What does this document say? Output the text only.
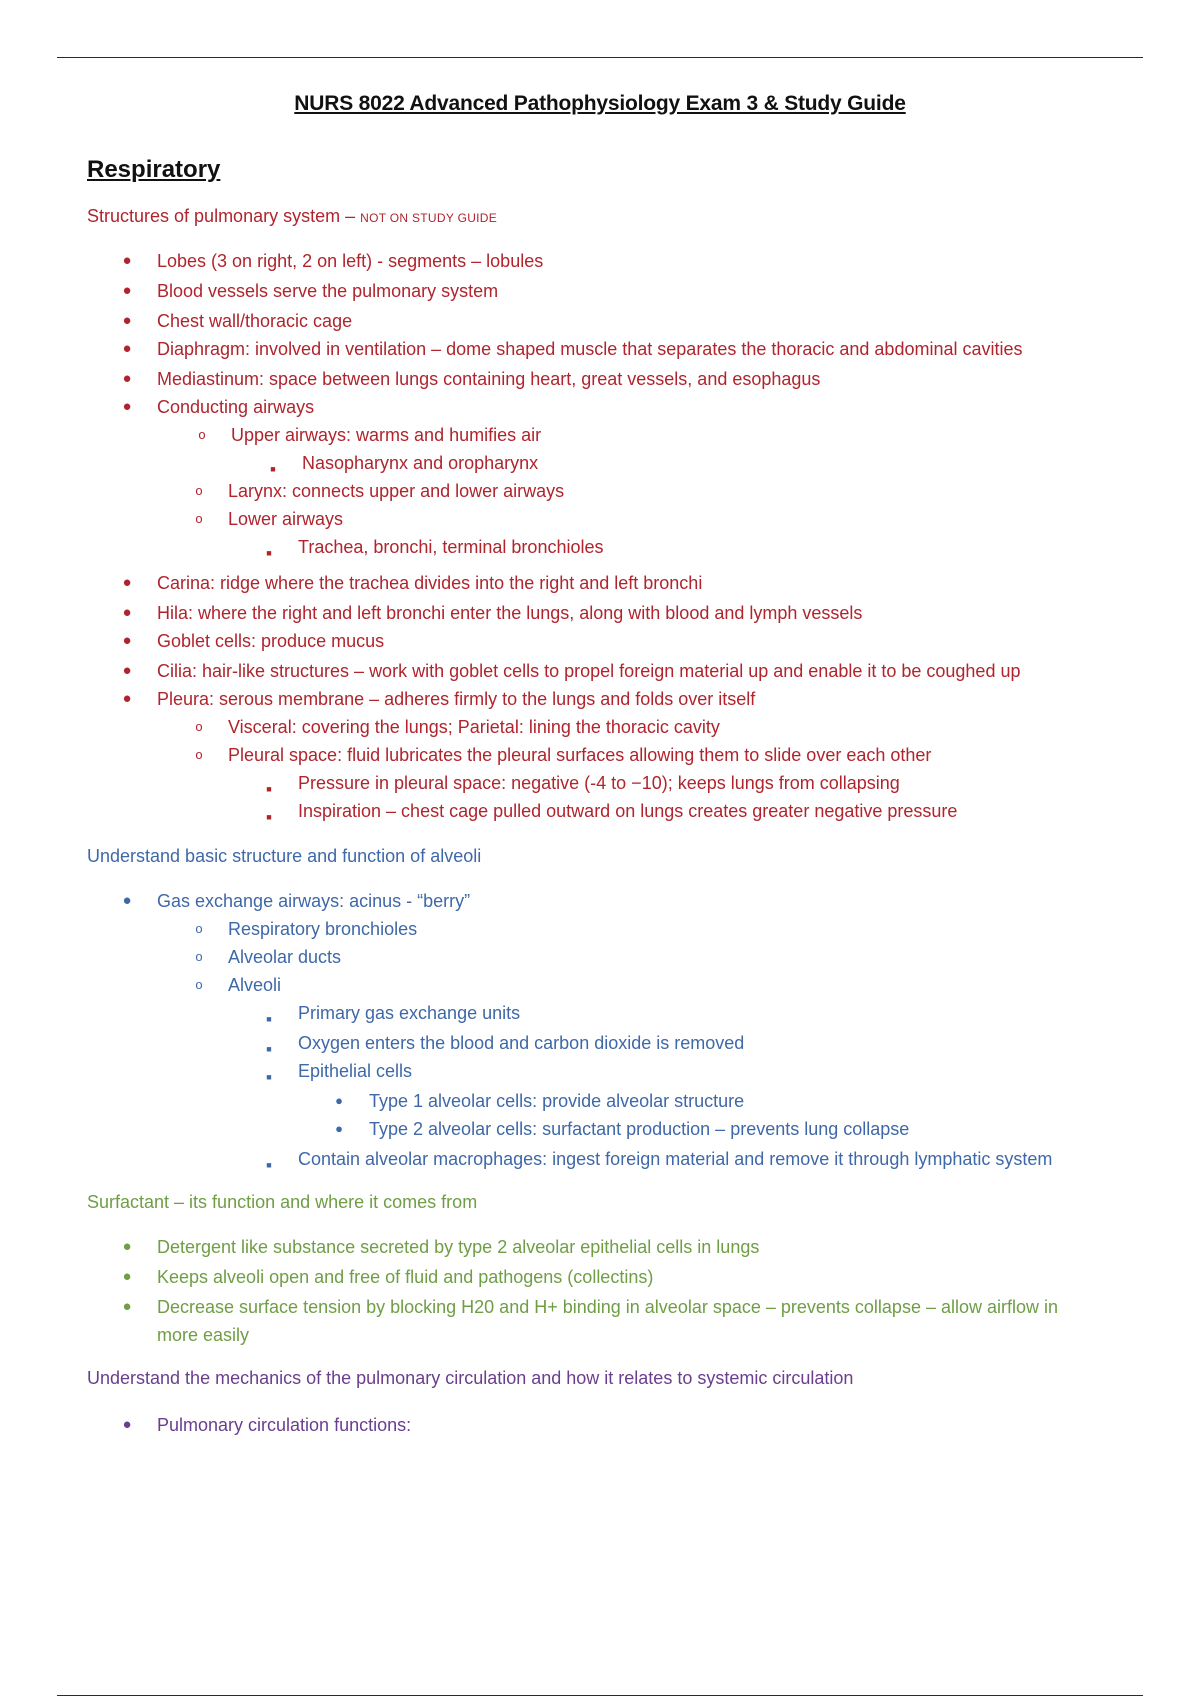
NURS 8022 Advanced Pathophysiology Exam 3 & Study Guide
Respiratory
Structures of pulmonary system – NOT ON STUDY GUIDE
● Lobes (3 on right, 2 on left) - segments – lobules
● Blood vessels serve the pulmonary system
● Chest wall/thoracic cage
● Diaphragm: involved in ventilation – dome shaped muscle that separates the thoracic and abdominal cavities
● Mediastinum: space between lungs containing heart, great vessels, and esophagus
● Conducting airways
o Upper airways: warms and humifies air
■ Nasopharynx and oropharynx
o Larynx: connects upper and lower airways
o Lower airways
■ Trachea, bronchi, terminal bronchioles
● Carina: ridge where the trachea divides into the right and left bronchi
● Hila: where the right and left bronchi enter the lungs, along with blood and lymph vessels
● Goblet cells: produce mucus
● Cilia: hair-like structures – work with goblet cells to propel foreign material up and enable it to be coughed up
● Pleura: serous membrane – adheres firmly to the lungs and folds over itself
o Visceral: covering the lungs; Parietal: lining the thoracic cavity
o Pleural space: fluid lubricates the pleural surfaces allowing them to slide over each other
■ Pressure in pleural space: negative (-4 to −10); keeps lungs from collapsing
■ Inspiration – chest cage pulled outward on lungs creates greater negative pressure
Understand basic structure and function of alveoli
● Gas exchange airways: acinus - “berry”
o Respiratory bronchioles
o Alveolar ducts
o Alveoli
■ Primary gas exchange units
■ Oxygen enters the blood and carbon dioxide is removed
■ Epithelial cells
● Type 1 alveolar cells: provide alveolar structure
● Type 2 alveolar cells: surfactant production – prevents lung collapse
■ Contain alveolar macrophages: ingest foreign material and remove it through lymphatic system
Surfactant – its function and where it comes from
● Detergent like substance secreted by type 2 alveolar epithelial cells in lungs
● Keeps alveoli open and free of fluid and pathogens (collectins)
● Decrease surface tension by blocking H20 and H+ binding in alveolar space – prevents collapse – allow airflow in
more easily
Understand the mechanics of the pulmonary circulation and how it relates to systemic circulation
● Pulmonary circulation functions:
